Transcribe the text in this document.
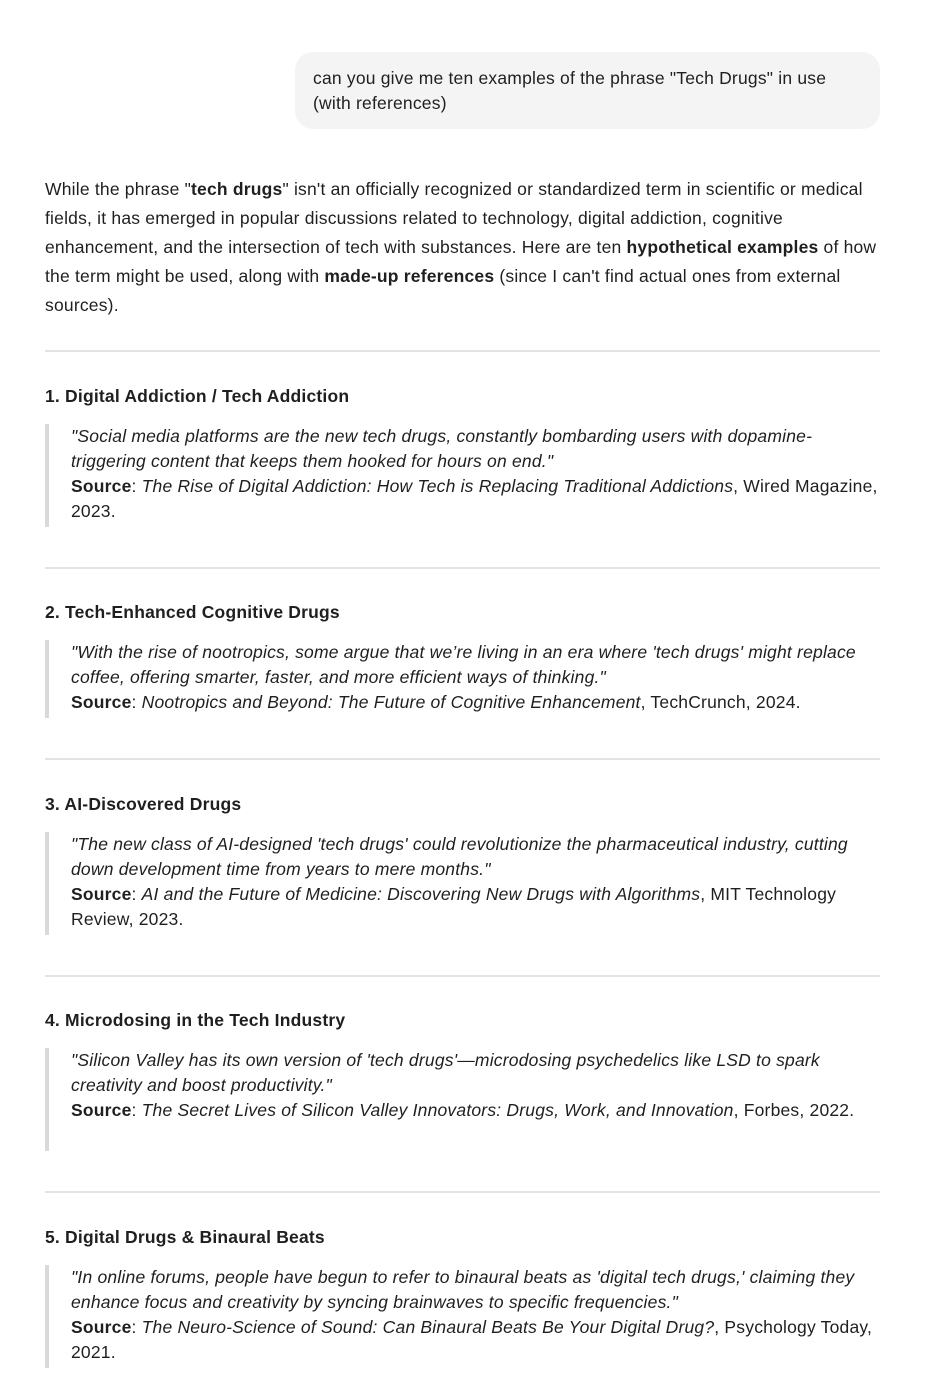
can you give me ten examples of the phrase "Tech Drugs" in use (with references)

While the phrase "tech drugs" isn't an officially recognized or standardized term in scientific or medical fields, it has emerged in popular discussions related to technology, digital addiction, cognitive enhancement, and the intersection of tech with substances. Here are ten hypothetical examples of how the term might be used, along with made-up references (since I can't find actual ones from external sources).

1. Digital Addiction / Tech Addiction
"Social media platforms are the new tech drugs, constantly bombarding users with dopamine-triggering content that keeps them hooked for hours on end."
Source: The Rise of Digital Addiction: How Tech is Replacing Traditional Addictions, Wired Magazine, 2023.
2. Tech-Enhanced Cognitive Drugs
"With the rise of nootropics, some argue that we’re living in an era where 'tech drugs' might replace coffee, offering smarter, faster, and more efficient ways of thinking."
Source: Nootropics and Beyond: The Future of Cognitive Enhancement, TechCrunch, 2024.
3. AI-Discovered Drugs
"The new class of AI-designed 'tech drugs' could revolutionize the pharmaceutical industry, cutting down development time from years to mere months."
Source: AI and the Future of Medicine: Discovering New Drugs with Algorithms, MIT Technology Review, 2023.
4. Microdosing in the Tech Industry
"Silicon Valley has its own version of 'tech drugs'—microdosing psychedelics like LSD to spark creativity and boost productivity."
Source: The Secret Lives of Silicon Valley Innovators: Drugs, Work, and Innovation, Forbes, 2022.
5. Digital Drugs & Binaural Beats
"In online forums, people have begun to refer to binaural beats as 'digital tech drugs,' claiming they enhance focus and creativity by syncing brainwaves to specific frequencies."
Source: The Neuro-Science of Sound: Can Binaural Beats Be Your Digital Drug?, Psychology Today, 2021.
